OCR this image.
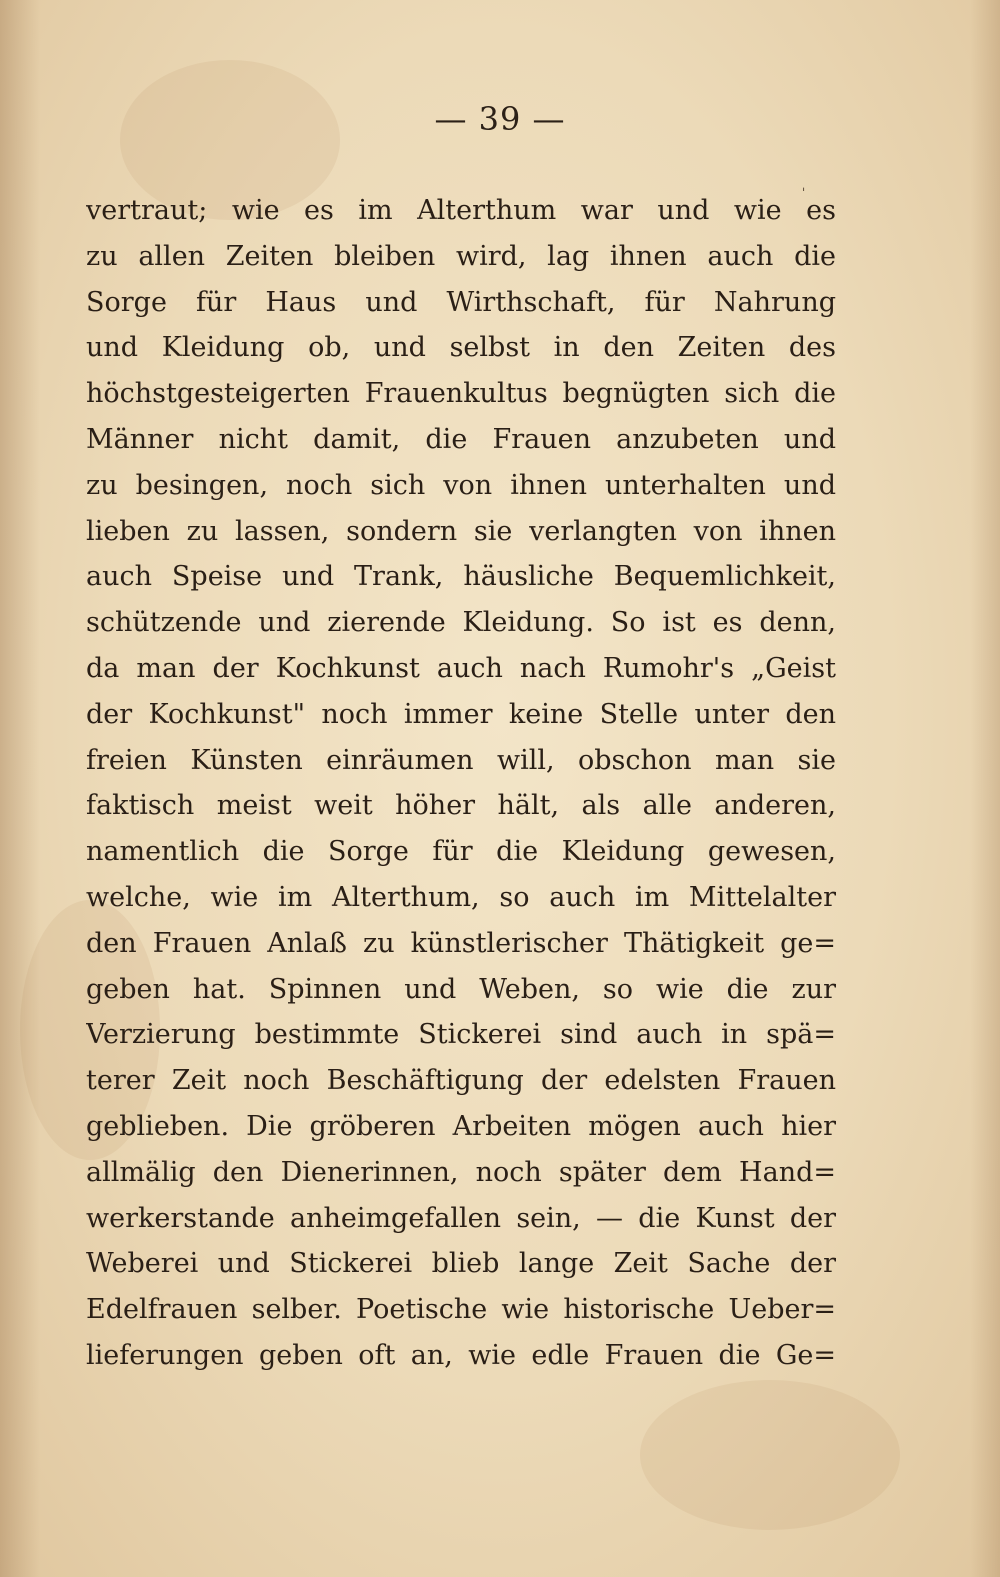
— 39 —
ˌ
vertraut; wie es im Alterthum war und wie es
zu allen Zeiten bleiben wird, lag ihnen auch die
Sorge für Haus und Wirthschaft, für Nahrung
und Kleidung ob, und selbst in den Zeiten des
höchstgesteigerten Frauenkultus begnügten sich die
Männer nicht damit, die Frauen anzubeten und
zu besingen, noch sich von ihnen unterhalten und
lieben zu lassen, sondern sie verlangten von ihnen
auch Speise und Trank, häusliche Bequemlichkeit,
schützende und zierende Kleidung. So ist es denn,
da man der Kochkunst auch nach Rumohr's „Geist
der Kochkunst" noch immer keine Stelle unter den
freien Künsten einräumen will, obschon man sie
faktisch meist weit höher hält, als alle anderen,
namentlich die Sorge für die Kleidung gewesen,
welche, wie im Alterthum, so auch im Mittelalter
den Frauen Anlaß zu künstlerischer Thätigkeit ge=
geben hat. Spinnen und Weben, so wie die zur
Verzierung bestimmte Stickerei sind auch in spä=
terer Zeit noch Beschäftigung der edelsten Frauen
geblieben. Die gröberen Arbeiten mögen auch hier
allmälig den Dienerinnen, noch später dem Hand=
werkerstande anheimgefallen sein, — die Kunst der
Weberei und Stickerei blieb lange Zeit Sache der
Edelfrauen selber. Poetische wie historische Ueber=
lieferungen geben oft an, wie edle Frauen die Ge=
